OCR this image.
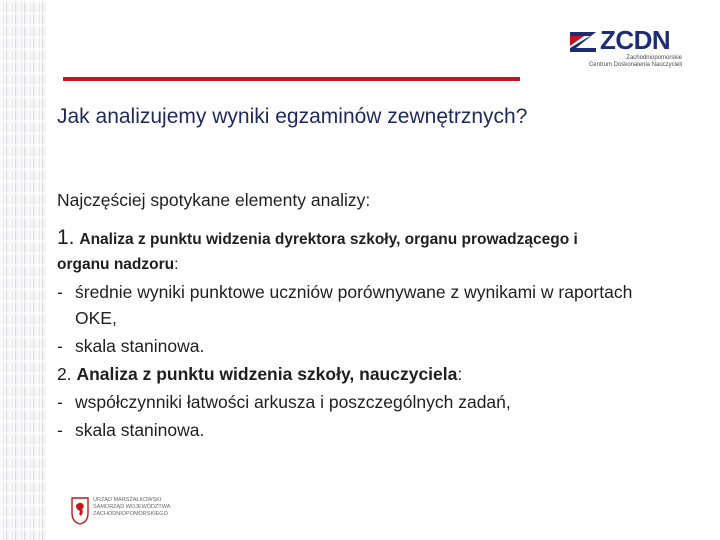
ZCDN
Zachodniopomorskie
Centrum Doskonalenia Nauczycieli
Jak analizujemy wyniki egzaminów zewnętrznych?
Najczęściej spotykane elementy analizy:
1. Analiza z punktu widzenia dyrektora szkoły, organu prowadzącego i
organu nadzoru:
- średnie wyniki punktowe uczniów porównywane z wynikami w raportach
OKE,
- skala staninowa.
2. Analiza z punktu widzenia szkoły, nauczyciela:
- współczynniki łatwości arkusza i poszczególnych zadań,
- skala staninowa.
URZĄD MARSZAŁKOWSKI
SAMORZĄD WOJEWÓDZTWA
ZACHODNIOPOMORSKIEGO
